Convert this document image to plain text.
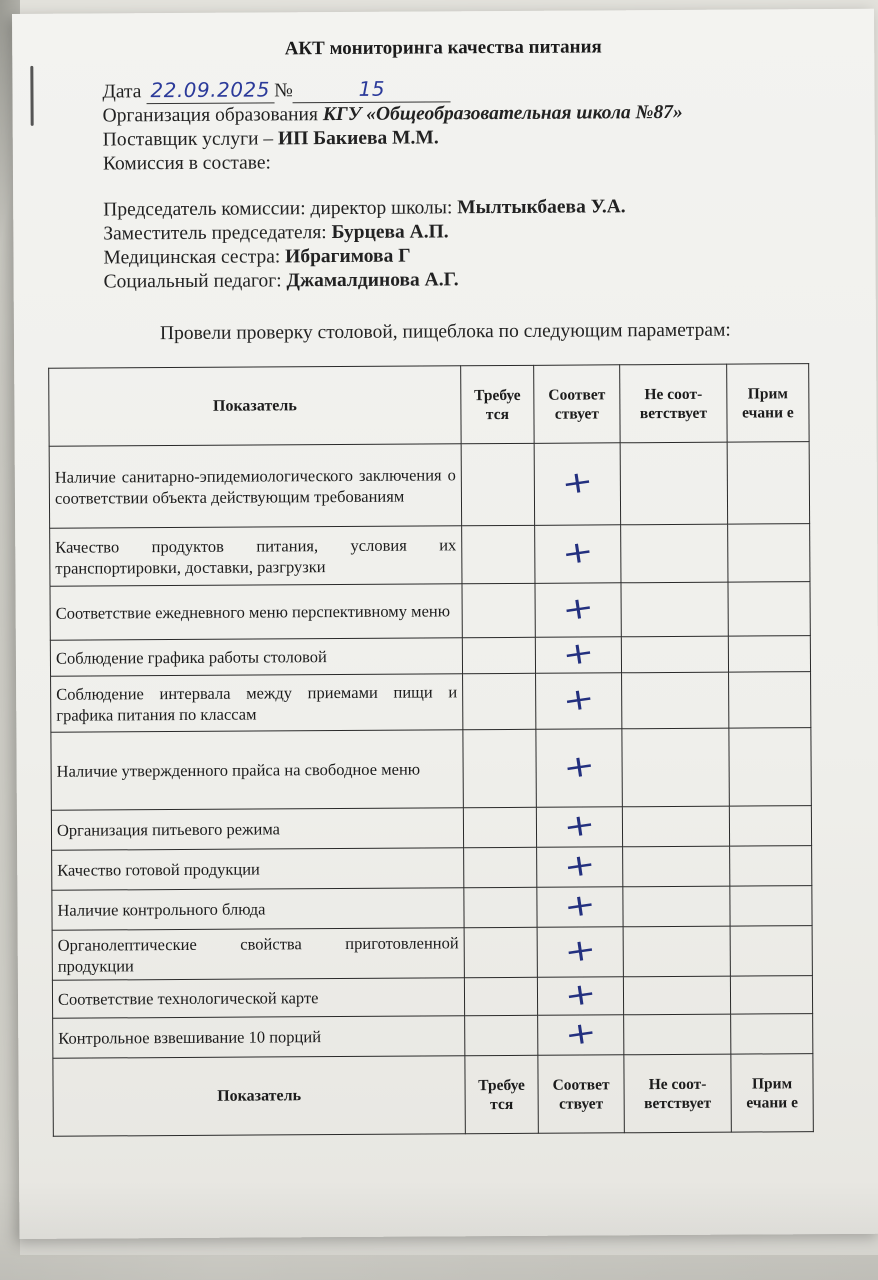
АКТ мониторинга качества питания
Дата 22.09.2025 №	15
Организация образования КГУ «Общеобразовательная школа №87»
Поставщик услуги – ИП Бакиева М.М.
Комиссия в составе:
Председатель комиссии: директор школы: Мылтыкбаева У.А.
Заместитель председателя: Бурцева А.П.
Медицинская сестра: Ибрагимова Г
Социальный педагог: Джамалдинова А.Г.
Провели проверку столовой, пищеблока по следующим параметрам:
Показатель	Требуе тся	Соответ ствует	Не соот-ветствует	Прим ечани е
Наличие санитарно-эпидемиологического заключения о соответствии объекта действующим требованиям		+		
Качество продуктов питания, условия их транспортировки, доставки, разгрузки		+		
Соответствие ежедневного меню перспективному меню		+		
Соблюдение графика работы столовой		+		
Соблюдение интервала между приемами пищи и графика питания по классам		+		
Наличие утвержденного прайса на свободное меню		+		
Организация питьевого режима		+		
Качество готовой продукции		+		
Наличие контрольного блюда		+		
Органолептические свойства приготовленной продукции		+		
Соответствие технологической карте		+		
Контрольное взвешивание 10 порций		+		
Показатель	Требуе тся	Соответ ствует	Не соот-ветствует	Прим ечани е
